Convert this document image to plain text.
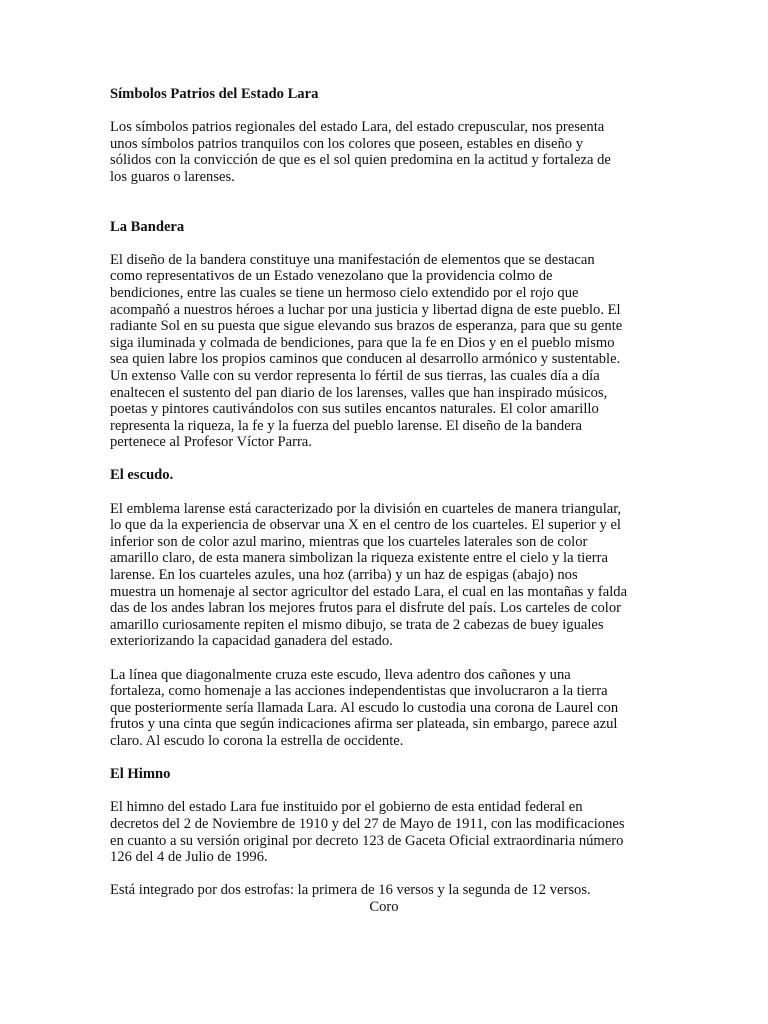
Símbolos Patrios del Estado Lara
Los símbolos patrios regionales del estado Lara, del estado crepuscular, nos presenta
unos símbolos patrios tranquilos con los colores que poseen, estables en diseño y
sólidos con la convicción de que es el sol quien predomina en la actitud y fortaleza de
los guaros o larenses.
La Bandera
El diseño de la bandera constituye una manifestación de elementos que se destacan
como representativos de un Estado venezolano que la providencia colmo de
bendiciones, entre las cuales se tiene un hermoso cielo extendido por el rojo que
acompañó a nuestros héroes a luchar por una justicia y libertad digna de este pueblo. El
radiante Sol en su puesta que sigue elevando sus brazos de esperanza, para que su gente
siga iluminada y colmada de bendiciones, para que la fe en Dios y en el pueblo mismo
sea quien labre los propios caminos que conducen al desarrollo armónico y sustentable.
Un extenso Valle con su verdor representa lo fértil de sus tierras, las cuales día a día
enaltecen el sustento del pan diario de los larenses, valles que han inspirado músicos,
poetas y pintores cautivándolos con sus sutiles encantos naturales. El color amarillo
representa la riqueza, la fe y la fuerza del pueblo larense. El diseño de la bandera
pertenece al Profesor Víctor Parra.
El escudo.
El emblema larense está caracterizado por la división en cuarteles de manera triangular,
lo que da la experiencia de observar una X en el centro de los cuarteles. El superior y el
inferior son de color azul marino, mientras que los cuarteles laterales son de color
amarillo claro, de esta manera simbolizan la riqueza existente entre el cielo y la tierra
larense. En los cuarteles azules, una hoz (arriba) y un haz de espigas (abajo) nos
muestra un homenaje al sector agricultor del estado Lara, el cual en las montañas y falda
das de los andes labran los mejores frutos para el disfrute del país. Los carteles de color
amarillo curiosamente repiten el mismo dibujo, se trata de 2 cabezas de buey iguales
exteriorizando la capacidad ganadera del estado.
La línea que diagonalmente cruza este escudo, lleva adentro dos cañones y una
fortaleza, como homenaje a las acciones independentistas que involucraron a la tierra
que posteriormente sería llamada Lara. Al escudo lo custodia una corona de Laurel con
frutos y una cinta que según indicaciones afirma ser plateada, sin embargo, parece azul
claro. Al escudo lo corona la estrella de occidente.
El Himno
El himno del estado Lara fue instituido por el gobierno de esta entidad federal en
decretos del 2 de Noviembre de 1910 y del 27 de Mayo de 1911, con las modificaciones
en cuanto a su versión original por decreto 123 de Gaceta Oficial extraordinaria número
126 del 4 de Julio de 1996.
Está integrado por dos estrofas: la primera de 16 versos y la segunda de 12 versos.
Coro
